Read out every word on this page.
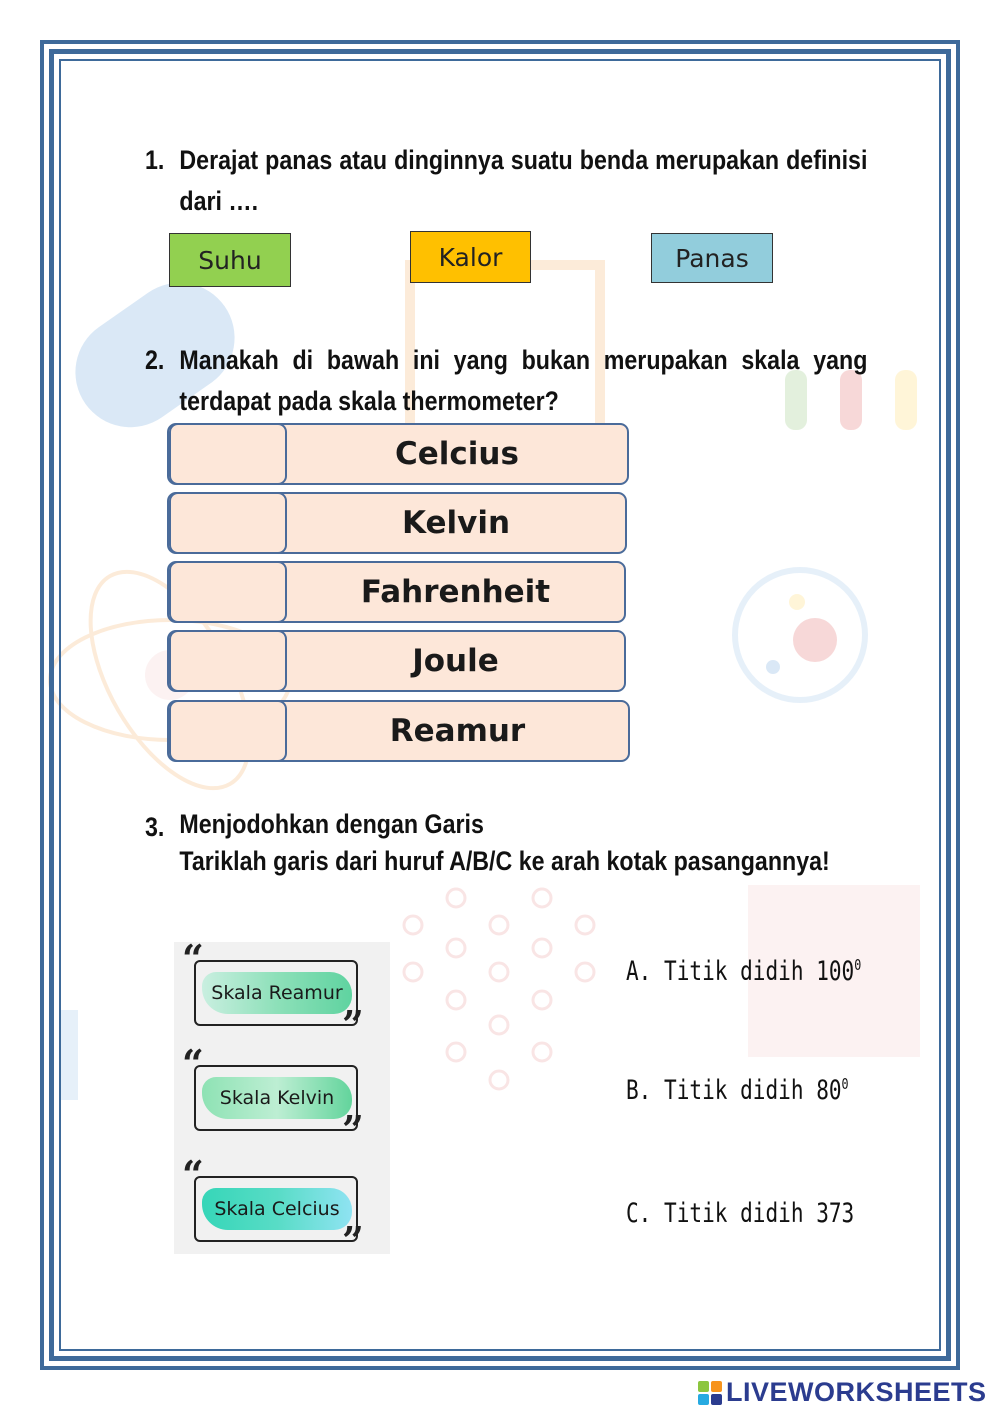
1. Derajat panas atau dinginnya suatu benda merupakan definisi dari ….
Suhu	Kalor	Panas
2. Manakah di bawah ini yang bukan merupakan skala yang terdapat pada skala thermometer?
Celcius
Kelvin
Fahrenheit
Joule
Reamur
3. Menjodohkan dengan Garis
Tariklah garis dari huruf A/B/C ke arah kotak pasangannya!
“
Skala Reamur
”
“
Skala Kelvin
”
“
Skala Celcius
”
A. Titik didih $100^0$
B. Titik didih $80^0$
C. Titik didih 373
LIVEWORKSHEETS
